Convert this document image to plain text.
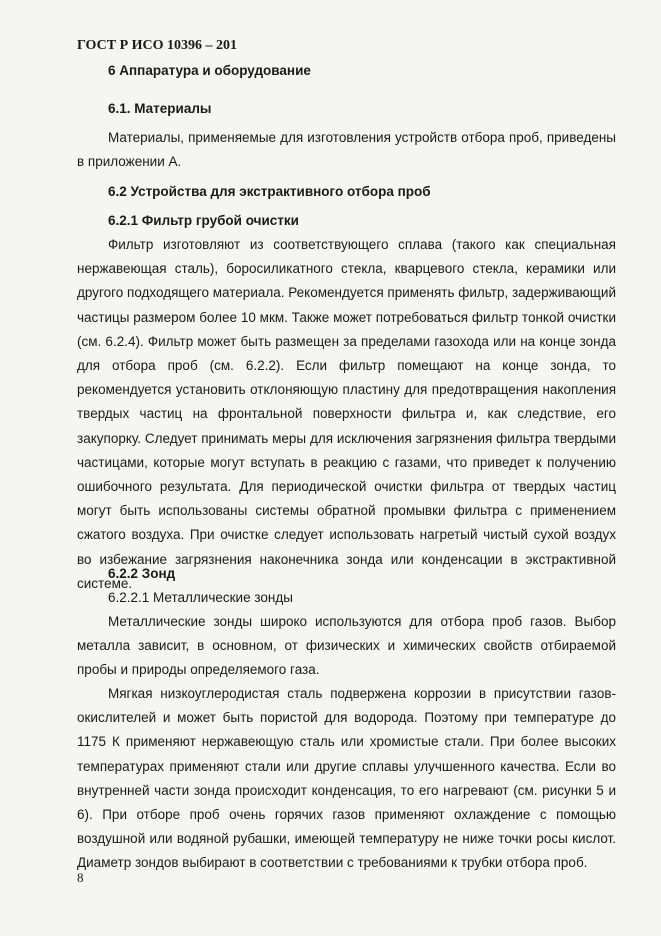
ГОСТ Р ИСО 10396 – 201
6 Аппаратура и оборудование
6.1. Материалы

Материалы, применяемые для изготовления устройств отбора проб, приведены в приложении А.

6.2 Устройства для экстрактивного отбора проб
6.2.1 Фильтр грубой очистки

Фильтр изготовляют из соответствующего сплава (такого как специальная нержавеющая сталь), боросиликатного стекла, кварцевого стекла, керамики или другого подходящего материала. Рекомендуется применять фильтр, задерживающий частицы размером более 10 мкм. Также может потребоваться фильтр тонкой очистки (см. 6.2.4). Фильтр может быть размещен за пределами газохода или на конце зонда для отбора проб (см. 6.2.2). Если фильтр помещают на конце зонда, то рекомендуется установить отклоняющую пластину для предотвращения накопления твердых частиц на фронтальной поверхности фильтра и, как следствие, его закупорку. Следует принимать меры для исключения загрязнения фильтра твердыми частицами, которые могут вступать в реакцию с газами, что приведет к получению ошибочного результата. Для периодической очистки фильтра от твердых частиц могут быть использованы системы обратной промывки фильтра с применением сжатого воздуха. При очистке следует использовать нагретый чистый сухой воздух во избежание загрязнения наконечника зонда или конденсации в экстрактивной системе.

6.2.2 Зонд
6.2.2.1 Металлические зонды

Металлические зонды широко используются для отбора проб газов. Выбор металла зависит, в основном, от физических и химических свойств отбираемой пробы и природы определяемого газа.

Мягкая низкоуглеродистая сталь подвержена коррозии в присутствии газов-окислителей и может быть пористой для водорода. Поэтому при температуре до 1175 К применяют нержавеющую сталь или хромистые стали. При более высоких температурах применяют стали или другие сплавы улучшенного качества. Если во внутренней части зонда происходит конденсация, то его нагревают (см. рисунки 5 и 6). При отборе проб очень горячих газов применяют охлаждение с помощью воздушной или водяной рубашки, имеющей температуру не ниже точки росы кислот. Диаметр зондов выбирают в соответствии с требованиями к трубки отбора проб.

8
